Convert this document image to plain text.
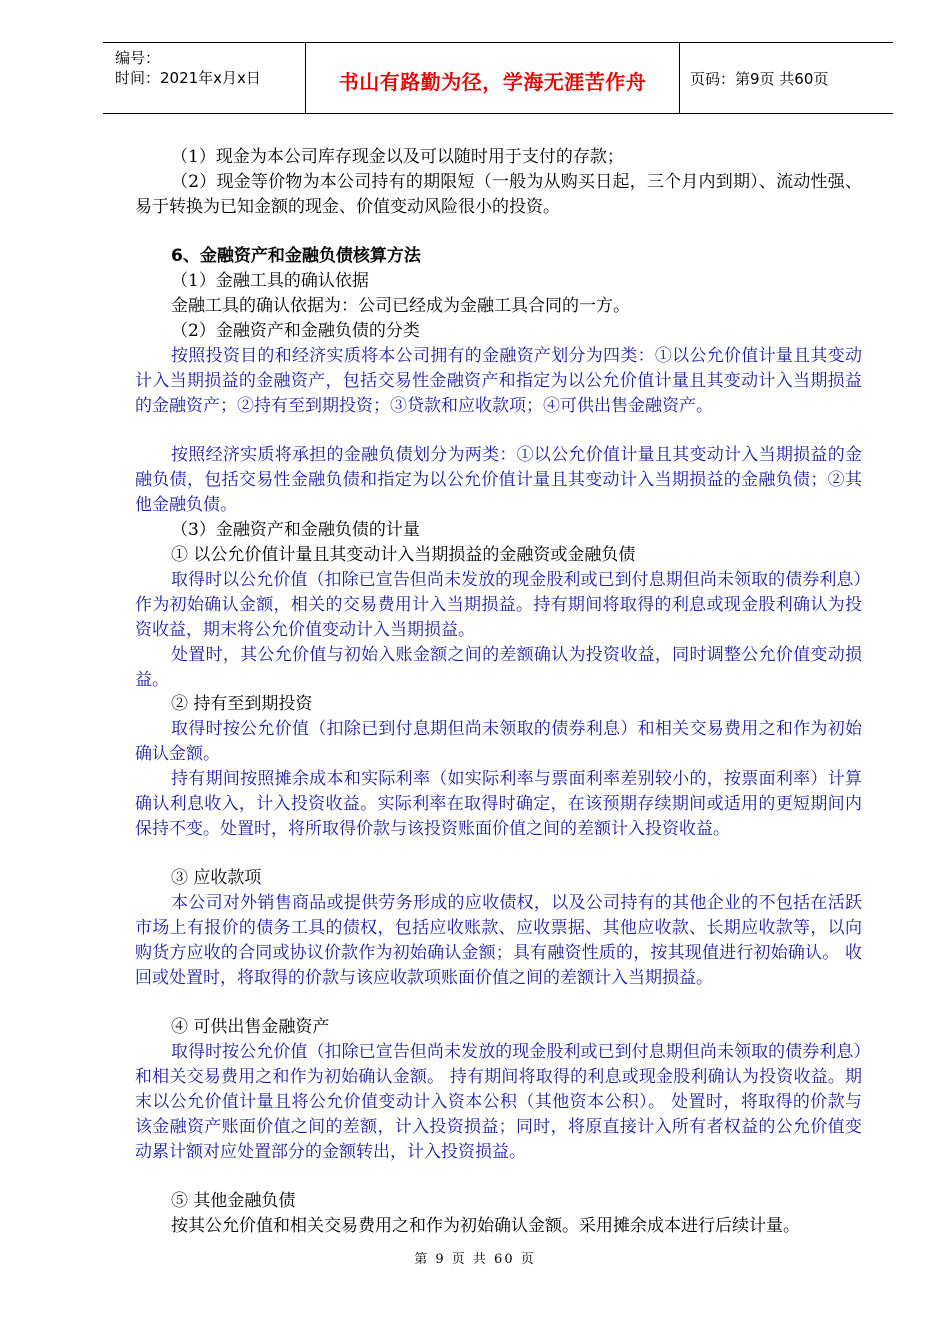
编号：
时间：2021年x月x日	书山有路勤为径，学海无涯苦作舟	页码：第9页 共60页
（1）现金为本公司库存现金以及可以随时用于支付的存款；
（2）现金等价物为本公司持有的期限短（一般为从购买日起，三个月内到期）、流动性强、易于转换为已知金额的现金、价值变动风险很小的投资。
6、金融资产和金融负债核算方法
（1）金融工具的确认依据
金融工具的确认依据为：公司已经成为金融工具合同的一方。
（2）金融资产和金融负债的分类
按照投资目的和经济实质将本公司拥有的金融资产划分为四类：①以公允价值计量且其变动计入当期损益的金融资产，包括交易性金融资产和指定为以公允价值计量且其变动计入当期损益的金融资产；②持有至到期投资；③贷款和应收款项；④可供出售金融资产。
按照经济实质将承担的金融负债划分为两类：①以公允价值计量且其变动计入当期损益的金融负债，包括交易性金融负债和指定为以公允价值计量且其变动计入当期损益的金融负债；②其他金融负债。
（3）金融资产和金融负债的计量
① 以公允价值计量且其变动计入当期损益的金融资或金融负债
取得时以公允价值（扣除已宣告但尚未发放的现金股利或已到付息期但尚未领取的债券利息）作为初始确认金额，相关的交易费用计入当期损益。持有期间将取得的利息或现金股利确认为投资收益，期末将公允价值变动计入当期损益。
处置时，其公允价值与初始入账金额之间的差额确认为投资收益，同时调整公允价值变动损益。
② 持有至到期投资
取得时按公允价值（扣除已到付息期但尚未领取的债券利息）和相关交易费用之和作为初始确认金额。
持有期间按照摊余成本和实际利率（如实际利率与票面利率差别较小的，按票面利率）计算确认利息收入，计入投资收益。实际利率在取得时确定，在该预期存续期间或适用的更短期间内保持不变。处置时，将所取得价款与该投资账面价值之间的差额计入投资收益。
③ 应收款项
本公司对外销售商品或提供劳务形成的应收债权，以及公司持有的其他企业的不包括在活跃市场上有报价的债务工具的债权，包括应收账款、应收票据、其他应收款、长期应收款等，以向购货方应收的合同或协议价款作为初始确认金额；具有融资性质的，按其现值进行初始确认。 收回或处置时，将取得的价款与该应收款项账面价值之间的差额计入当期损益。
④ 可供出售金融资产
取得时按公允价值（扣除已宣告但尚未发放的现金股利或已到付息期但尚未领取的债券利息）和相关交易费用之和作为初始确认金额。 持有期间将取得的利息或现金股利确认为投资收益。期末以公允价值计量且将公允价值变动计入资本公积（其他资本公积）。 处置时，将取得的价款与该金融资产账面价值之间的差额，计入投资损益；同时，将原直接计入所有者权益的公允价值变动累计额对应处置部分的金额转出，计入投资损益。
⑤ 其他金融负债
按其公允价值和相关交易费用之和作为初始确认金额。采用摊余成本进行后续计量。
第 9 页 共 60 页
